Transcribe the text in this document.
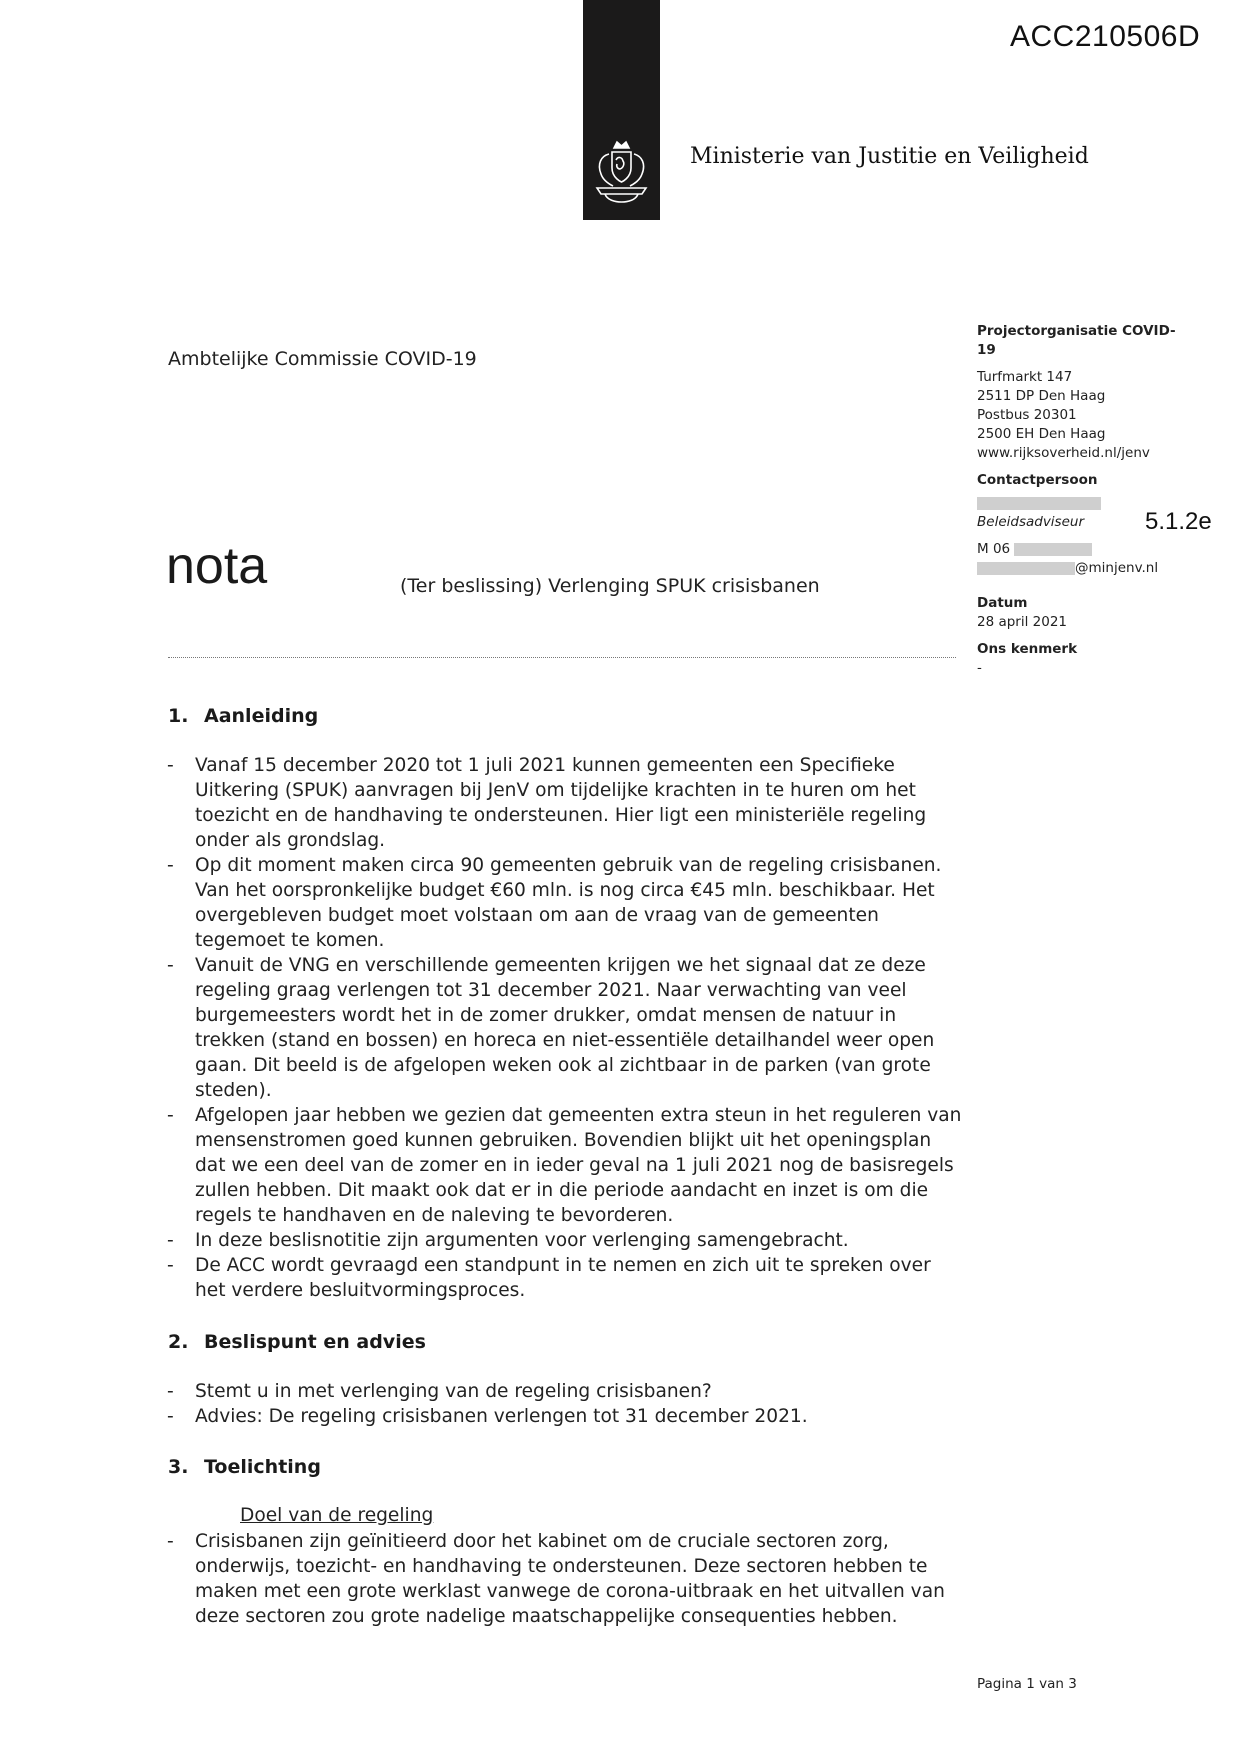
ACC210506D
Ministerie van Justitie en Veiligheid
Ambtelijke Commissie COVID-19
nota	(Ter beslissing) Verlenging SPUK crisisbanen
Projectorganisatie COVID-
19
Turfmarkt 147
2511 DP Den Haag
Postbus 20301
2500 EH Den Haag
www.rijksoverheid.nl/jenv
Contactpersoon
Beleidsadviseur
M 06
@minjenv.nl
Datum
28 april 2021
Ons kenmerk
-
5.1.2e
1. Aanleiding
- Vanaf 15 december 2020 tot 1 juli 2021 kunnen gemeenten een Specifieke Uitkering (SPUK) aanvragen bij JenV om tijdelijke krachten in te huren om het toezicht en de handhaving te ondersteunen. Hier ligt een ministeriële regeling onder als grondslag.
- Op dit moment maken circa 90 gemeenten gebruik van de regeling crisisbanen. Van het oorspronkelijke budget €60 mln. is nog circa €45 mln. beschikbaar. Het overgebleven budget moet volstaan om aan de vraag van de gemeenten tegemoet te komen.
- Vanuit de VNG en verschillende gemeenten krijgen we het signaal dat ze deze regeling graag verlengen tot 31 december 2021. Naar verwachting van veel burgemeesters wordt het in de zomer drukker, omdat mensen de natuur in trekken (stand en bossen) en horeca en niet-essentiële detailhandel weer open gaan. Dit beeld is de afgelopen weken ook al zichtbaar in de parken (van grote steden).
- Afgelopen jaar hebben we gezien dat gemeenten extra steun in het reguleren van mensenstromen goed kunnen gebruiken. Bovendien blijkt uit het openingsplan dat we een deel van de zomer en in ieder geval na 1 juli 2021 nog de basisregels zullen hebben. Dit maakt ook dat er in die periode aandacht en inzet is om die regels te handhaven en de naleving te bevorderen.
- In deze beslisnotitie zijn argumenten voor verlenging samengebracht.
- De ACC wordt gevraagd een standpunt in te nemen en zich uit te spreken over het verdere besluitvormingsproces.
2. Beslispunt en advies
- Stemt u in met verlenging van de regeling crisisbanen?
- Advies: De regeling crisisbanen verlengen tot 31 december 2021.
3. Toelichting
Doel van de regeling
- Crisisbanen zijn geïnitieerd door het kabinet om de cruciale sectoren zorg, onderwijs, toezicht- en handhaving te ondersteunen. Deze sectoren hebben te maken met een grote werklast vanwege de corona-uitbraak en het uitvallen van deze sectoren zou grote nadelige maatschappelijke consequenties hebben.
Pagina 1 van 3
